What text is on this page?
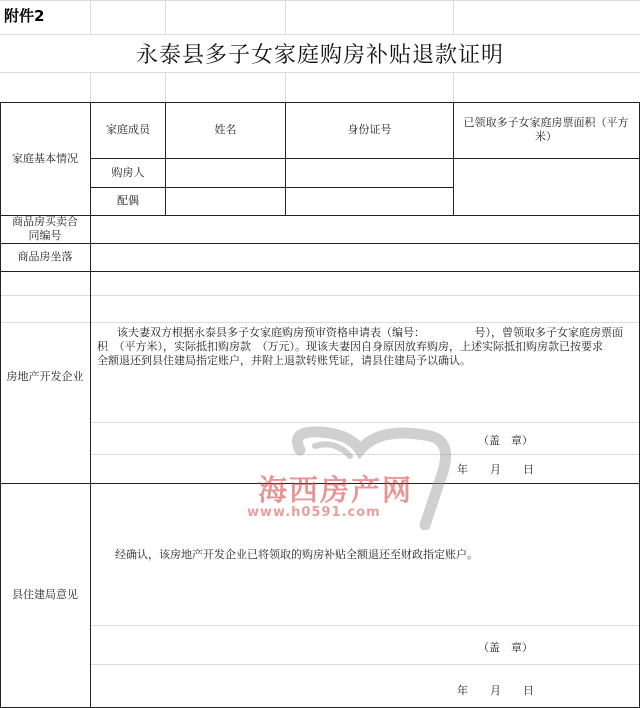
附件2
永泰县多子女家庭购房补贴退款证明
家庭基本情况
家庭成员	姓名	身份证号
已领取多子女家庭房票面积（平方米）
购房人
配偶
商品房买卖合同编号
商品房坐落
房地产开发企业
该夫妻双方根据永泰县多子女家庭购房预审资格申请表（编号：　　　　　号），曾领取多子女家庭房票面
积　（平方米），实际抵扣购房款　（万元）。现该夫妻因自身原因放弃购房，上述实际抵扣购房款已按要求
全额退还到县住建局指定账户，并附上退款转账凭证，请县住建局予以确认。
（盖　章）
年　　月　　日
县住建局意见
经确认，该房地产开发企业已将领取的购房补贴全额退还至财政指定账户。
（盖　章）
年　　月　　日
海西房产网
www.h0591.com
